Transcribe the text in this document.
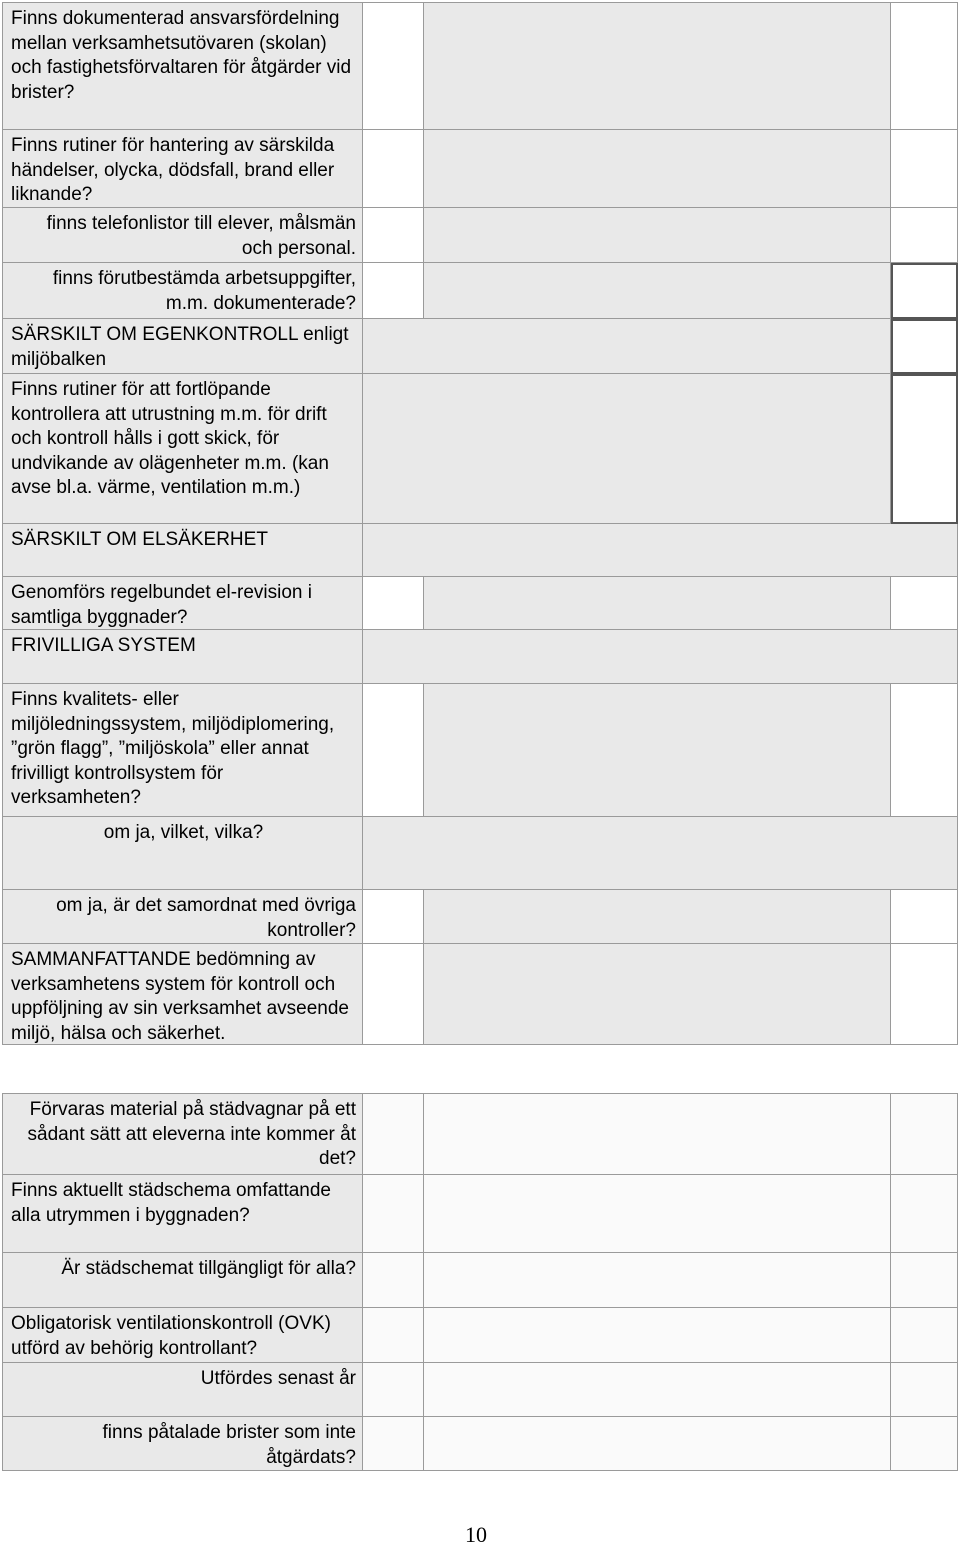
Finns dokumenterad ansvarsfördelning mellan verksamhetsutövaren (skolan) och fastighetsförvaltaren för åtgärder vid brister?
Finns rutiner för hantering av särskilda händelser, olycka, dödsfall, brand eller liknande?
finns telefonlistor till elever, målsmän och personal.
finns förutbestämda arbetsuppgifter, m.m. dokumenterade?
SÄRSKILT OM EGENKONTROLL enligt miljöbalken
Finns rutiner för att fortlöpande kontrollera att utrustning m.m. för drift och kontroll hålls i gott skick, för undvikande av olägenheter m.m. (kan avse bl.a. värme, ventilation m.m.)
SÄRSKILT OM ELSÄKERHET
Genomförs regelbundet el-revision i samtliga byggnader?
FRIVILLIGA SYSTEM
Finns kvalitets- eller miljöledningssystem, miljödiplomering, ”grön flagg”, ”miljöskola” eller annat frivilligt kontrollsystem för verksamheten?
om ja, vilket, vilka?
om ja, är det samordnat med övriga kontroller?
SAMMANFATTANDE bedömning av verksamhetens system för kontroll och uppföljning av sin verksamhet avseende miljö, hälsa och säkerhet.
Förvaras material på städvagnar på ett sådant sätt att eleverna inte kommer åt det?
Finns aktuellt städschema omfattande alla utrymmen i byggnaden?
Är städschemat tillgängligt för alla?
Obligatorisk ventilationskontroll (OVK) utförd av behörig kontrollant?
Utfördes senast år
finns påtalade brister som inte åtgärdats?
10
